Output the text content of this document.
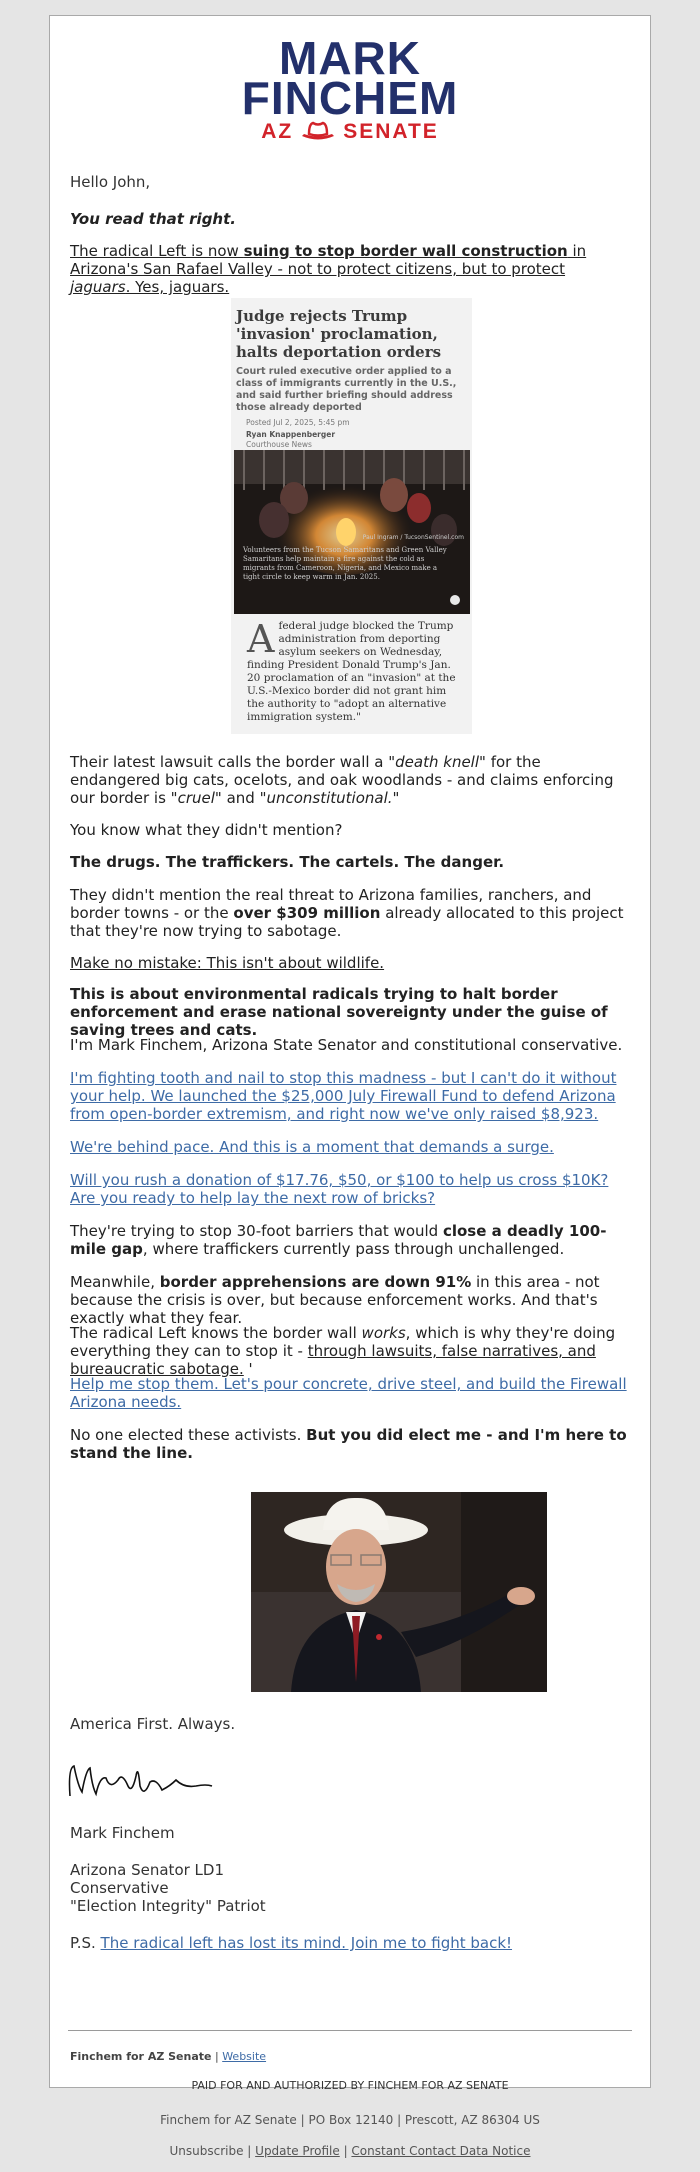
MARK
FINCHEM
AZ SENATE
Hello John,
You read that right.
The radical Left is now suing to stop border wall construction in Arizona's San Rafael Valley - not to protect citizens, but to protect jaguars. Yes, jaguars.
Judge rejects Trump 'invasion' proclamation, halts deportation orders
Court ruled executive order applied to a class of immigrants currently in the U.S., and said further briefing should address those already deported
Posted Jul 2, 2025, 5:45 pm
Ryan Knappenberger
Courthouse News
Paul Ingram / TucsonSentinel.com
Volunteers from the Tucson Samaritans and Green Valley Samaritans help maintain a fire against the cold as migrants from Cameroon, Nigeria, and Mexico make a tight circle to keep warm in Jan. 2025.
Afederal judge blocked the Trump administration from deporting asylum seekers on Wednesday, finding President Donald Trump's Jan. 20 proclamation of an "invasion" at the U.S.-Mexico border did not grant him the authority to "adopt an alternative immigration system."
Their latest lawsuit calls the border wall a "death knell" for the endangered big cats, ocelots, and oak woodlands - and claims enforcing our border is "cruel" and "unconstitutional."
You know what they didn't mention?
The drugs. The traffickers. The cartels. The danger.
They didn't mention the real threat to Arizona families, ranchers, and border towns - or the over $309 million already allocated to this project that they're now trying to sabotage.
Make no mistake: This isn't about wildlife.
This is about environmental radicals trying to halt border enforcement and erase national sovereignty under the guise of saving trees and cats.
I'm Mark Finchem, Arizona State Senator and constitutional conservative.
I'm fighting tooth and nail to stop this madness - but I can't do it without your help. We launched the $25,000 July Firewall Fund to defend Arizona from open-border extremism, and right now we've only raised $8,923.
We're behind pace. And this is a moment that demands a surge.
Will you rush a donation of $17.76, $50, or $100 to help us cross $10K? Are you ready to help lay the next row of bricks?
They're trying to stop 30-foot barriers that would close a deadly 100-mile gap, where traffickers currently pass through unchallenged.
Meanwhile, border apprehensions are down 91% in this area - not because the crisis is over, but because enforcement works. And that's exactly what they fear.
The radical Left knows the border wall works, which is why they're doing everything they can to stop it - through lawsuits, false narratives, and bureaucratic sabotage. '
Help me stop them. Let's pour concrete, drive steel, and build the Firewall Arizona needs.
No one elected these activists. But you did elect me - and I'm here to stand the line.
America First. Always.
Mark Finchem
Arizona Senator LD1
Conservative
"Election Integrity" Patriot
P.S. The radical left has lost its mind. Join me to fight back!
Finchem for AZ Senate | Website
PAID FOR AND AUTHORIZED BY FINCHEM FOR AZ SENATE
Finchem for AZ Senate | PO Box 12140 | Prescott, AZ 86304 US
Unsubscribe | Update Profile | Constant Contact Data Notice
